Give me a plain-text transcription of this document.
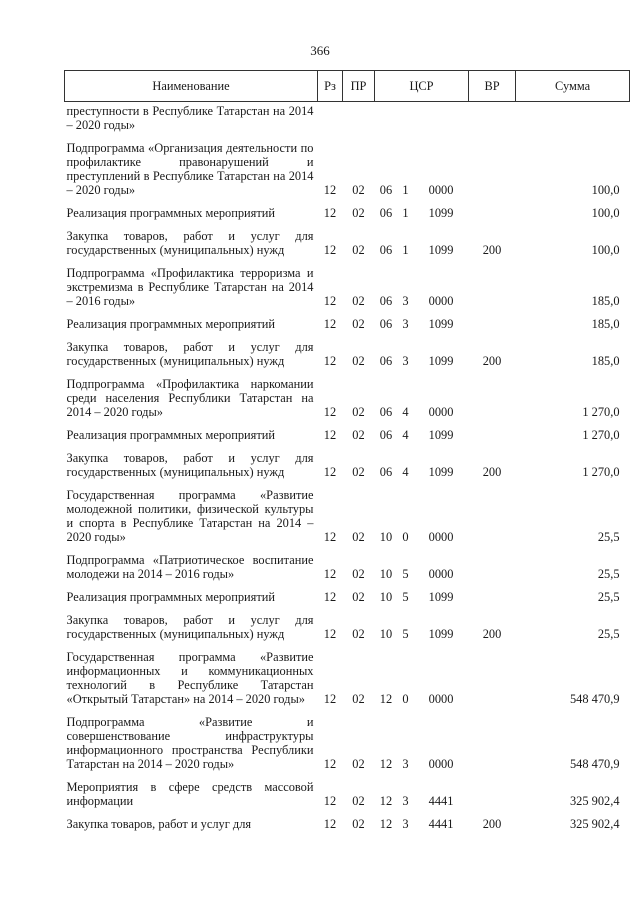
366
Наименование	Рз	ПР	ЦСР			ВР	Сумма
преступности в Республике Татарстан на 2014 – 2020 годы»							

Подпрограмма «Организация деятельности по профилактике правонарушений и преступлений в Республике Татарстан на 2014 – 2020 годы»	12	02	06	1	0000		100,0

Реализация программных мероприятий	12	02	06	1	1099		100,0

Закупка товаров, работ и услуг для государственных (муниципальных) нужд	12	02	06	1	1099	200	100,0

Подпрограмма «Профилактика терроризма и экстремизма в Республике Татарстан на 2014 – 2016 годы»	12	02	06	3	0000		185,0

Реализация программных мероприятий	12	02	06	3	1099		185,0

Закупка товаров, работ и услуг для государственных (муниципальных) нужд	12	02	06	3	1099	200	185,0

Подпрограмма «Профилактика наркомании среди населения Республики Татарстан на 2014 – 2020 годы»	12	02	06	4	0000		1 270,0

Реализация программных мероприятий	12	02	06	4	1099		1 270,0

Закупка товаров, работ и услуг для государственных (муниципальных) нужд	12	02	06	4	1099	200	1 270,0

Государственная программа «Развитие молодежной политики, физической культуры и спорта в Республике Татарстан на 2014 – 2020 годы»	12	02	10	0	0000		25,5

Подпрограмма «Патриотическое воспитание молодежи на 2014 – 2016 годы»	12	02	10	5	0000		25,5

Реализация программных мероприятий	12	02	10	5	1099		25,5

Закупка товаров, работ и услуг для государственных (муниципальных) нужд	12	02	10	5	1099	200	25,5

Государственная программа «Развитие информационных и коммуникационных технологий в Республике Татарстан «Открытый Татарстан» на 2014 – 2020 годы»	12	02	12	0	0000		548 470,9

Подпрограмма «Развитие и совершенствование инфраструктуры информационного пространства Республики Татарстан на 2014 – 2020 годы»	12	02	12	3	0000		548 470,9

Мероприятия в сфере средств массовой информации	12	02	12	3	4441		325 902,4

Закупка товаров, работ и услуг для	12	02	12	3	4441	200	325 902,4
